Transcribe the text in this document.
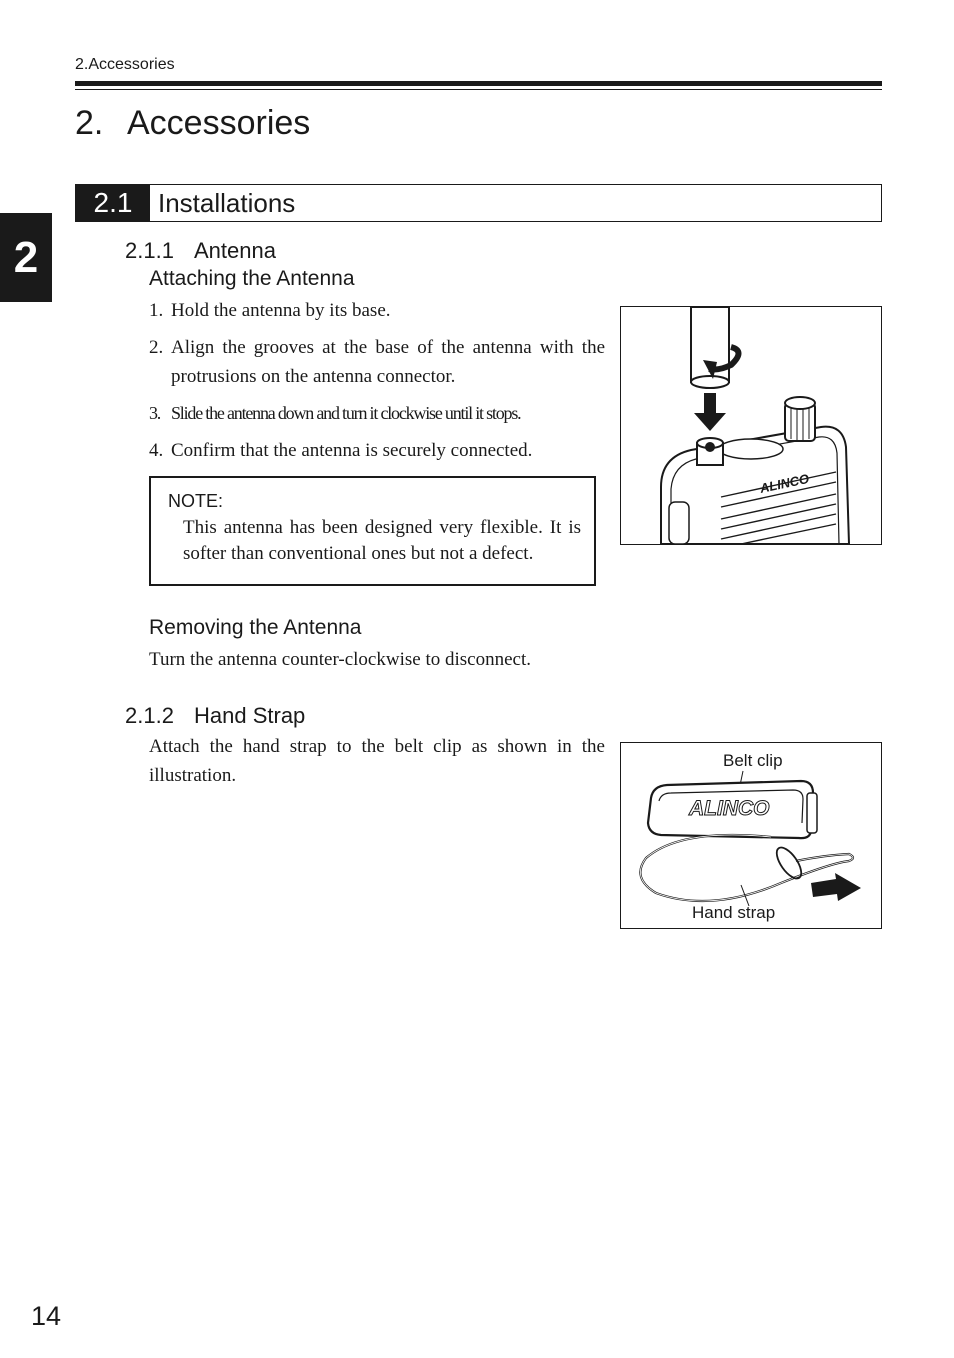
2.Accessories
2. Accessories
2
2.1 Installations
2.1.1 Antenna
Attaching the Antenna
1. Hold the antenna by its base.
2. Align the grooves at the base of the antenna with the protrusions on the antenna connector.
3. Slide the antenna down and turn it clockwise until it stops.
4. Confirm that the antenna is securely connected.
NOTE:
This antenna has been designed very flexible. It is softer than conventional ones but not a defect.
ALINCO
Removing the Antenna
Turn the antenna counter-clockwise to disconnect.
2.1.2 Hand Strap
Attach the hand strap to the belt clip as shown in the illustration.
Belt clip
ALINCO
Hand strap
14
